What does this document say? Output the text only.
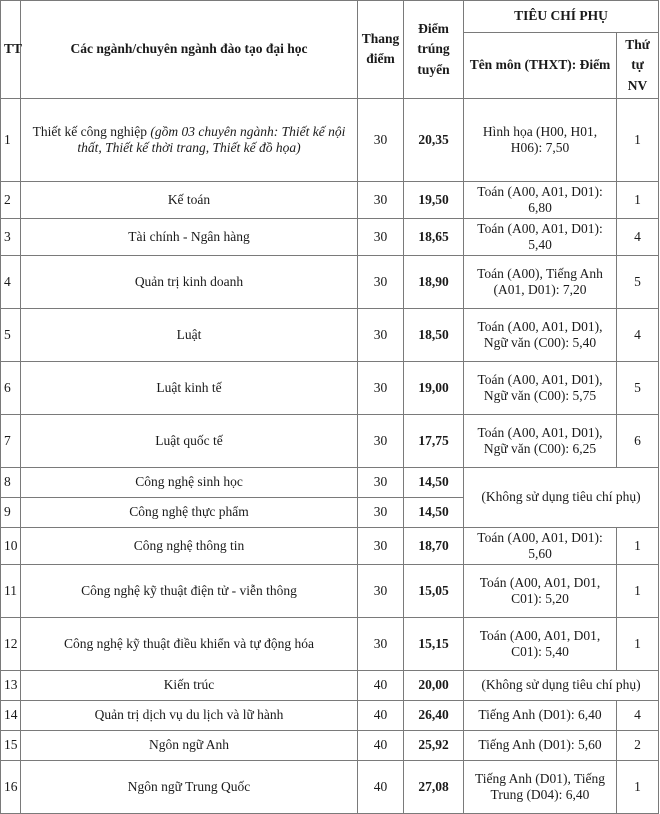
TT	Các ngành/chuyên ngành đào tạo đại học	Thang điểm	Điểm trúng tuyển	TIÊU CHÍ PHỤ	
				Tên môn (THXT): Điểm	Thứ tự NV
1	Thiết kế công nghiệp (gồm 03 chuyên ngành: Thiết kế nội thất, Thiết kế thời trang, Thiết kế đồ họa)	30	20,35	Hình họa (H00, H01, H06): 7,50	1
2	Kế toán	30	19,50	Toán (A00, A01, D01): 6,80	1
3	Tài chính - Ngân hàng	30	18,65	Toán (A00, A01, D01): 5,40	4
4	Quản trị kinh doanh	30	18,90	Toán (A00), Tiếng Anh (A01, D01): 7,20	5
5	Luật	30	18,50	Toán (A00, A01, D01), Ngữ văn (C00): 5,40	4
6	Luật kinh tế	30	19,00	Toán (A00, A01, D01), Ngữ văn (C00): 5,75	5
7	Luật quốc tế	30	17,75	Toán (A00, A01, D01), Ngữ văn (C00): 6,25	6
8	Công nghệ sinh học	30	14,50	(Không sử dụng tiêu chí phụ)	
9	Công nghệ thực phẩm	30	14,50		
10	Công nghệ thông tin	30	18,70	Toán (A00, A01, D01): 5,60	1
11	Công nghệ kỹ thuật điện tử - viễn thông	30	15,05	Toán (A00, A01, D01, C01): 5,20	1
12	Công nghệ kỹ thuật điều khiển và tự động hóa	30	15,15	Toán (A00, A01, D01, C01): 5,40	1
13	Kiến trúc	40	20,00	(Không sử dụng tiêu chí phụ)	
14	Quản trị dịch vụ du lịch và lữ hành	40	26,40	Tiếng Anh (D01): 6,40	4
15	Ngôn ngữ Anh	40	25,92	Tiếng Anh (D01): 5,60	2
16	Ngôn ngữ Trung Quốc	40	27,08	Tiếng Anh (D01), Tiếng Trung (D04): 6,40	1
